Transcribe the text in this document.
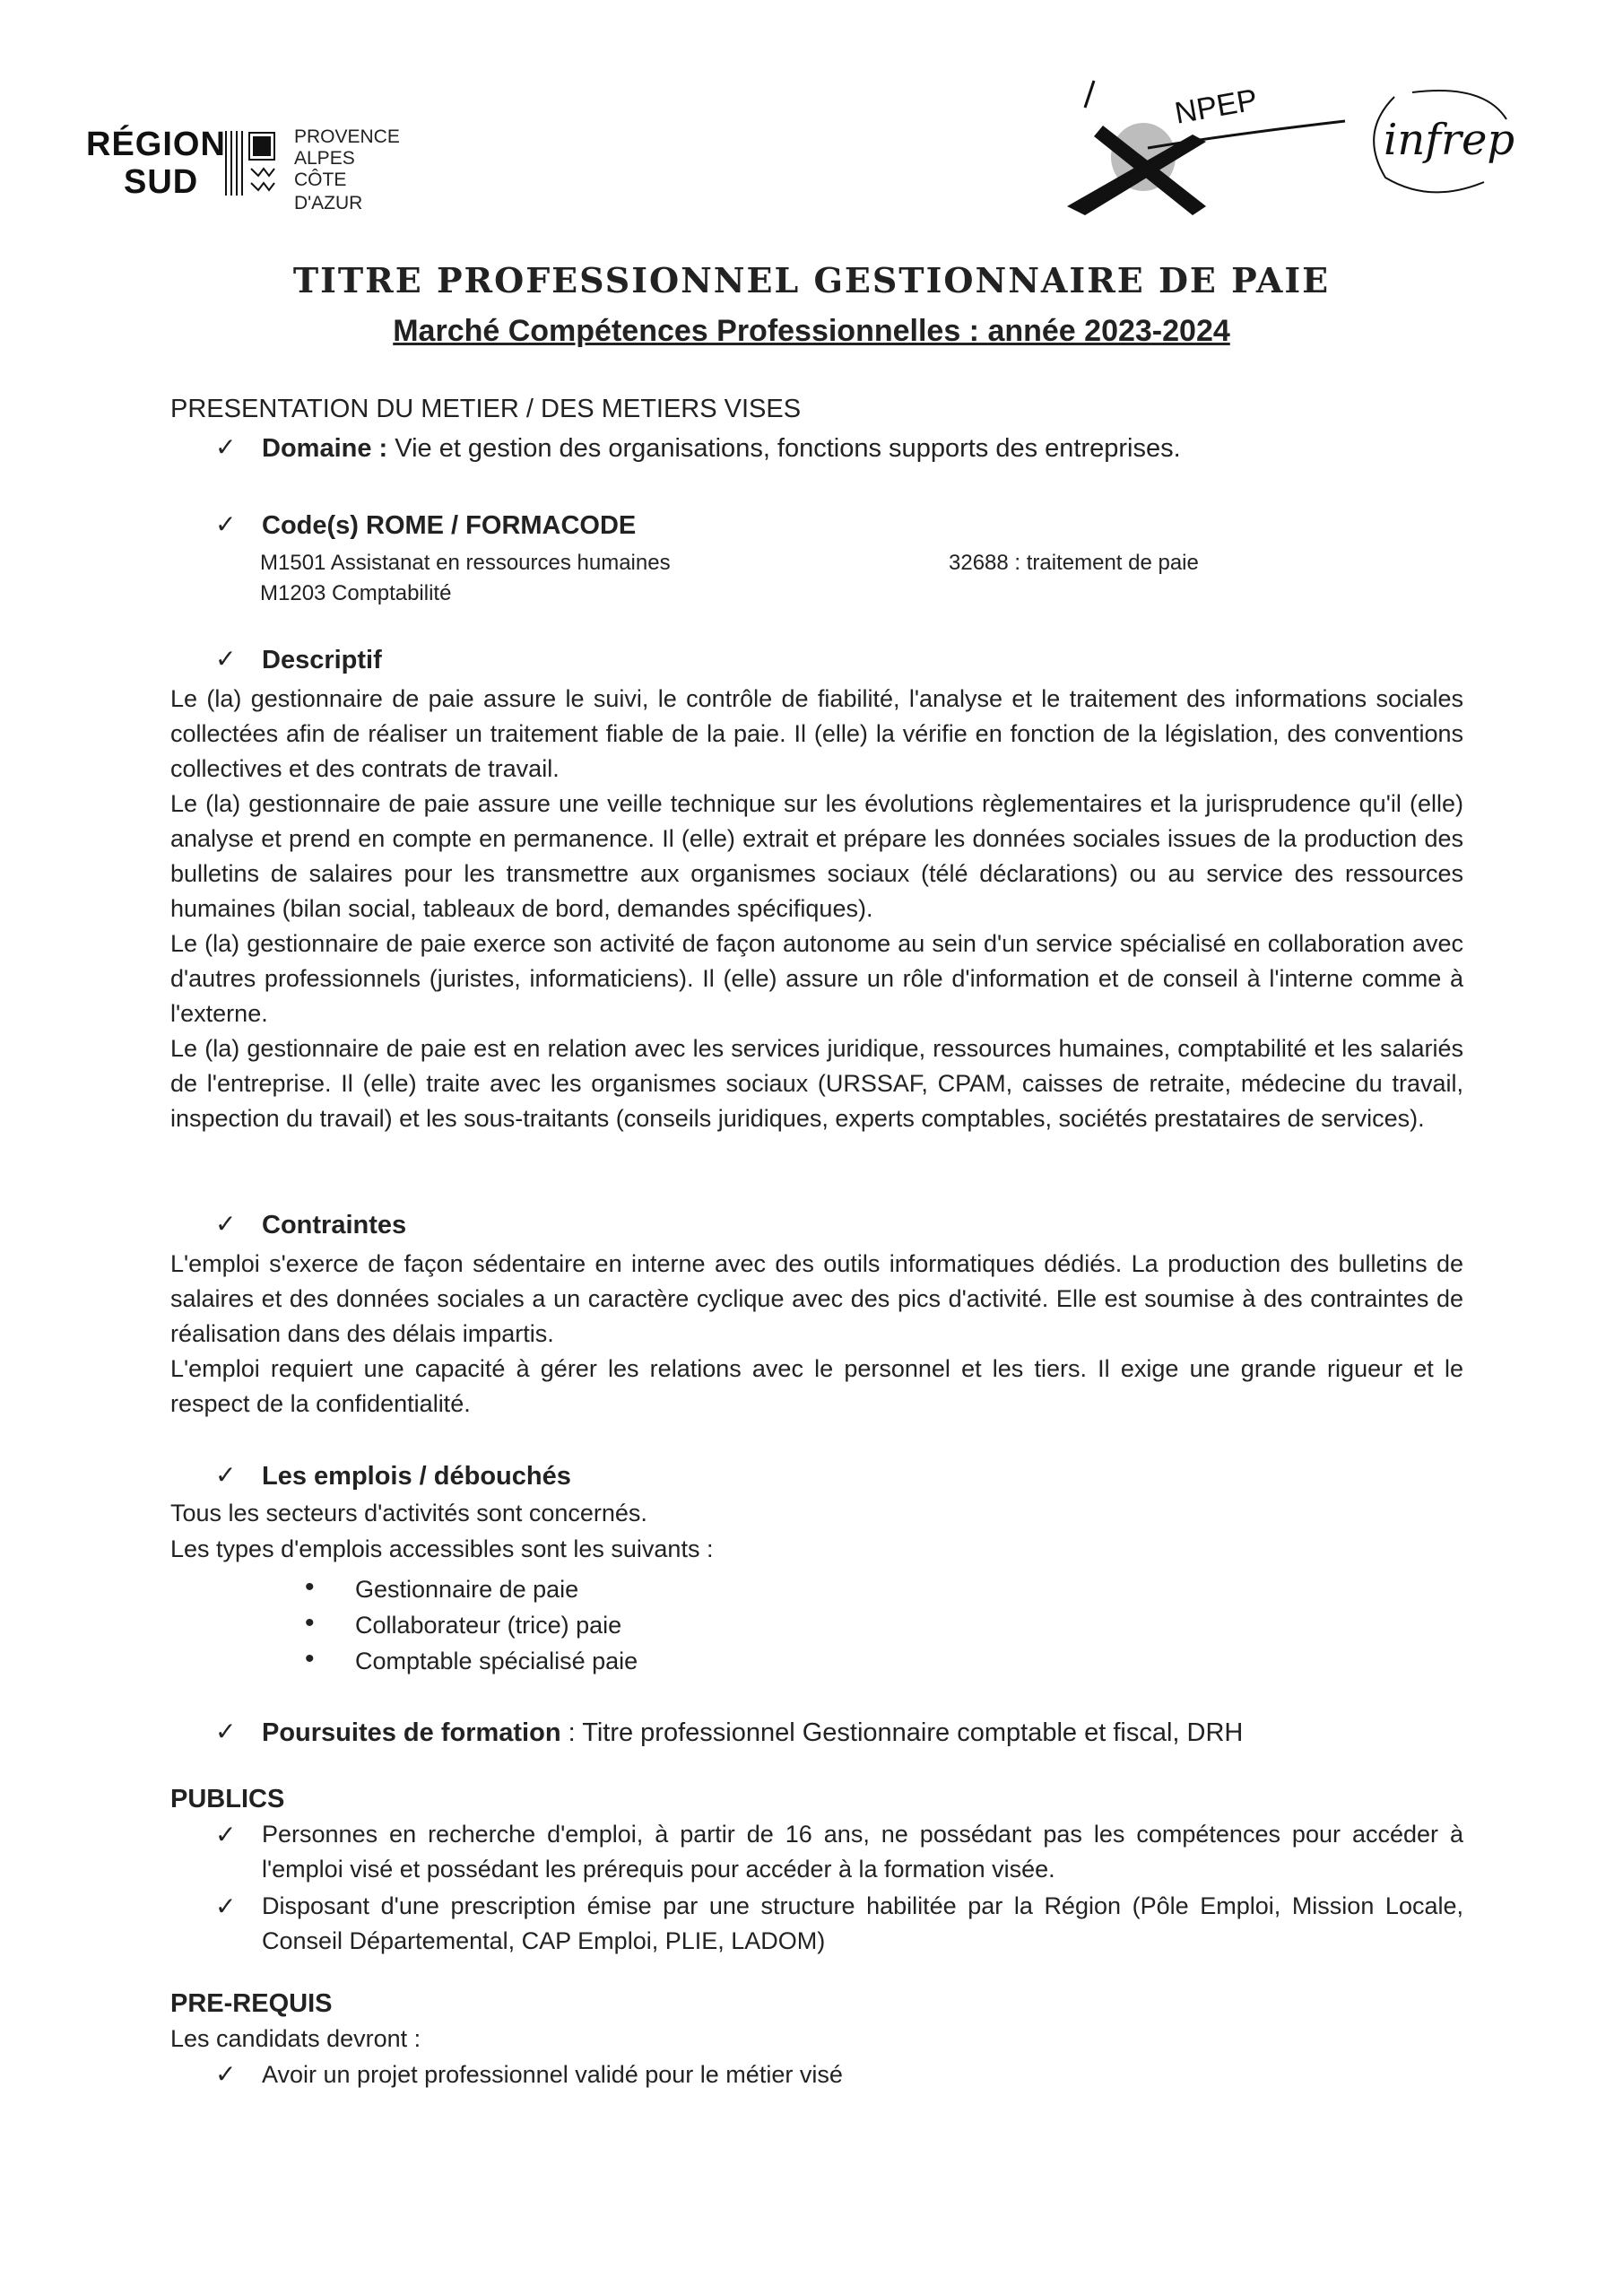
RÉGION
SUD
PROVENCE
ALPES
CÔTE D'AZUR
NPEP
infrep
TITRE PROFESSIONNEL GESTIONNAIRE DE PAIE
Marché Compétences Professionnelles : année 2023-2024
PRESENTATION DU METIER / DES METIERS VISES
✓ Domaine : Vie et gestion des organisations, fonctions supports des entreprises.
✓ Code(s) ROME / FORMACODE
M1501 Assistanat en ressources humaines
M1203 Comptabilité
32688 : traitement de paie
✓ Descriptif

Le (la) gestionnaire de paie assure le suivi, le contrôle de fiabilité, l'analyse et le traitement des informations sociales collectées afin de réaliser un traitement fiable de la paie. Il (elle) la vérifie en fonction de la législation, des conventions collectives et des contrats de travail.

Le (la) gestionnaire de paie assure une veille technique sur les évolutions règlementaires et la jurisprudence qu'il (elle) analyse et prend en compte en permanence. Il (elle) extrait et prépare les données sociales issues de la production des bulletins de salaires pour les transmettre aux organismes sociaux (télé déclarations) ou au service des ressources humaines (bilan social, tableaux de bord, demandes spécifiques).

Le (la) gestionnaire de paie exerce son activité de façon autonome au sein d'un service spécialisé en collaboration avec d'autres professionnels (juristes, informaticiens). Il (elle) assure un rôle d'information et de conseil à l'interne comme à l'externe.

Le (la) gestionnaire de paie est en relation avec les services juridique, ressources humaines, comptabilité et les salariés de l'entreprise. Il (elle) traite avec les organismes sociaux (URSSAF, CPAM, caisses de retraite, médecine du travail, inspection du travail) et les sous-traitants (conseils juridiques, experts comptables, sociétés prestataires de services).

✓ Contraintes

L'emploi s'exerce de façon sédentaire en interne avec des outils informatiques dédiés. La production des bulletins de salaires et des données sociales a un caractère cyclique avec des pics d'activité. Elle est soumise à des contraintes de réalisation dans des délais impartis.

L'emploi requiert une capacité à gérer les relations avec le personnel et les tiers. Il exige une grande rigueur et le respect de la confidentialité.

✓ Les emplois / débouchés
Tous les secteurs d'activités sont concernés.
Les types d'emplois accessibles sont les suivants :
• Gestionnaire de paie
• Collaborateur (trice) paie
• Comptable spécialisé paie
✓ Poursuites de formation : Titre professionnel Gestionnaire comptable et fiscal, DRH
PUBLICS
✓ Personnes en recherche d'emploi, à partir de 16 ans, ne possédant pas les compétences pour accéder à l'emploi visé et possédant les prérequis pour accéder à la formation visée.
✓ Disposant d'une prescription émise par une structure habilitée par la Région (Pôle Emploi, Mission Locale, Conseil Départemental, CAP Emploi, PLIE, LADOM)
PRE-REQUIS
Les candidats devront :
✓ Avoir un projet professionnel validé pour le métier visé
